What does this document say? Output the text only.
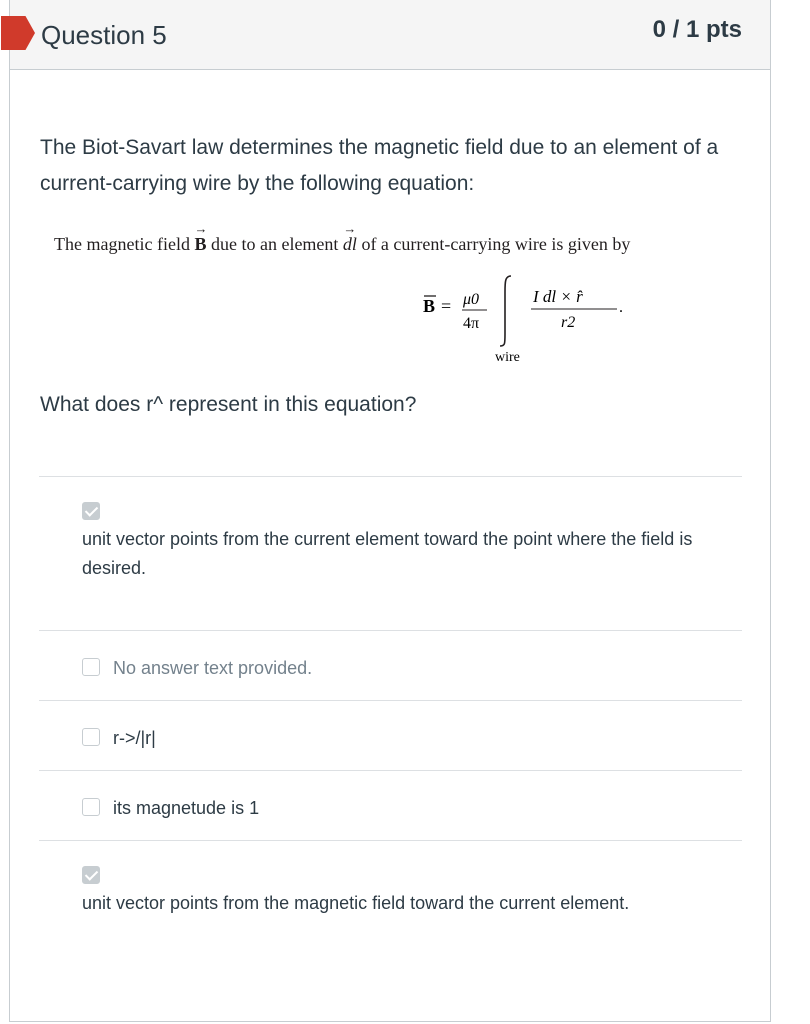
Question 5	0 / 1 pts
The Biot-Savart law determines the magnetic field due to an element of a current-carrying wire by the following equation:
The magnetic field → B due to an element → dl of a current-carrying wire is given by
B = μ0
4π
wire
I dl × r̂
r2
.
What does r^ represent in this equation?
unit vector points from the current element toward the point where the field is desired.
No answer text provided.
r->/|r|
its magnetude is 1
unit vector points from the magnetic field toward the current element.
